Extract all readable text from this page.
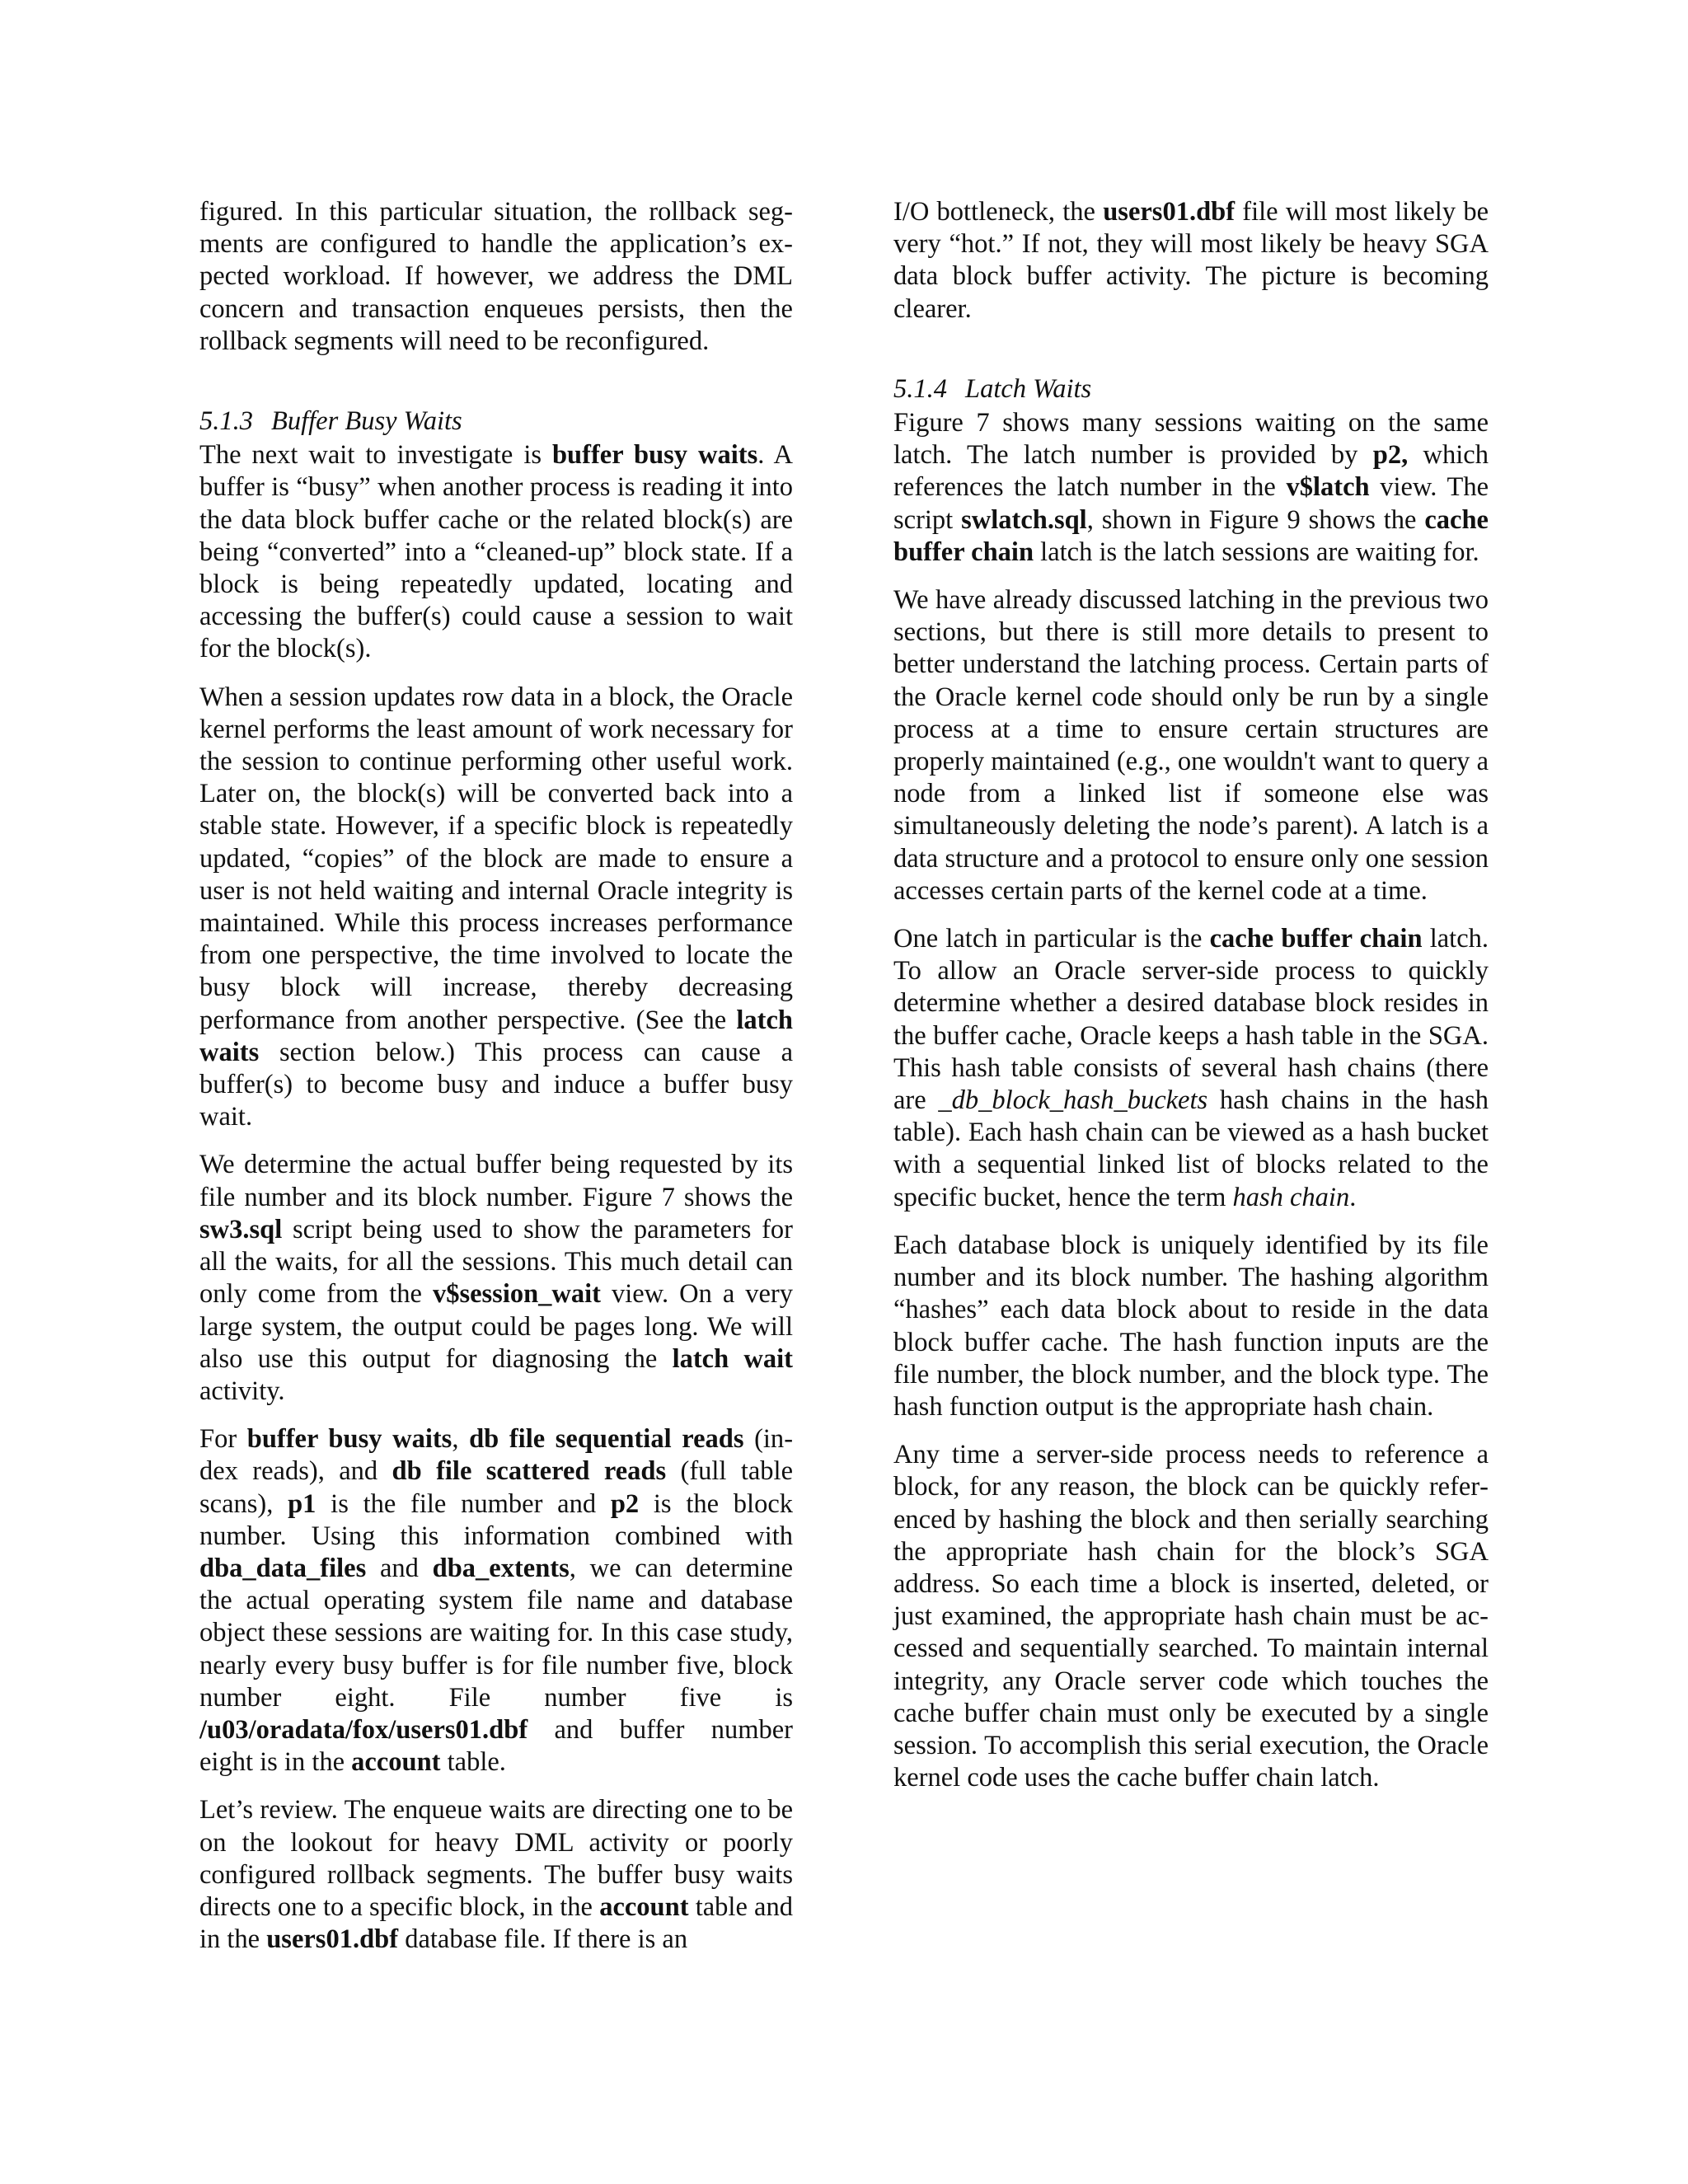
figured. In this particular situation, the rollback segments are configured to handle the application’s expected workload. If however, we address the DML concern and transaction enqueues persists, then the rollback segments will need to be reconfigured.

5.1.3 Buffer Busy Waits

The next wait to investigate is buffer busy waits. A buffer is “busy” when another process is reading it into the data block buffer cache or the related block(s) are being “converted” into a “cleaned-up” block state. If a block is being repeatedly updated, locating and accessing the buffer(s) could cause a session to wait for the block(s).

When a session updates row data in a block, the Oracle kernel performs the least amount of work necessary for the session to continue performing other useful work. Later on, the block(s) will be converted back into a stable state. However, if a specific block is repeatedly updated, “copies” of the block are made to ensure a user is not held waiting and internal Oracle integrity is maintained. While this process increases performance from one perspective, the time involved to locate the busy block will increase, thereby decreasing performance from another perspective. (See the latch waits section below.) This process can cause a buffer(s) to become busy and induce a buffer busy wait.

We determine the actual buffer being requested by its file number and its block number. Figure 7 shows the sw3.sql script being used to show the parameters for all the waits, for all the sessions. This much detail can only come from the v$session_wait view. On a very large system, the output could be pages long. We will also use this output for diagnosing the latch wait activity.

For buffer busy waits, db file sequential reads (index reads), and db file scattered reads (full table scans), p1 is the file number and p2 is the block number. Using this information combined with dba_data_files and dba_extents, we can determine the actual operating system file name and database object these sessions are waiting for. In this case study, nearly every busy buffer is for file number five, block number eight. File number five is /u03/oradata/fox/users01.dbf and buffer number eight is in the account table.

Let’s review. The enqueue waits are directing one to be on the lookout for heavy DML activity or poorly configured rollback segments. The buffer busy waits directs one to a specific block, in the account table and in the users01.dbf database file. If there is an

I/O bottleneck, the users01.dbf file will most likely be very “hot.” If not, they will most likely be heavy SGA data block buffer activity. The picture is becoming clearer.

5.1.4 Latch Waits

Figure 7 shows many sessions waiting on the same latch. The latch number is provided by p2, which references the latch number in the v$latch view. The script swlatch.sql, shown in Figure 9 shows the cache buffer chain latch is the latch sessions are waiting for.

We have already discussed latching in the previous two sections, but there is still more details to present to better understand the latching process. Certain parts of the Oracle kernel code should only be run by a single process at a time to ensure certain structures are properly maintained (e.g., one wouldn't want to query a node from a linked list if someone else was simultaneously deleting the node’s parent). A latch is a data structure and a protocol to ensure only one session accesses certain parts of the kernel code at a time.

One latch in particular is the cache buffer chain latch. To allow an Oracle server-side process to quickly determine whether a desired database block resides in the buffer cache, Oracle keeps a hash table in the SGA. This hash table consists of several hash chains (there are _db_block_hash_buckets hash chains in the hash table). Each hash chain can be viewed as a hash bucket with a sequential linked list of blocks related to the specific bucket, hence the term hash chain.

Each database block is uniquely identified by its file number and its block number. The hashing algorithm “hashes” each data block about to reside in the data block buffer cache. The hash function inputs are the file number, the block number, and the block type. The hash function output is the appropriate hash chain.

Any time a server-side process needs to reference a block, for any reason, the block can be quickly referenced by hashing the block and then serially searching the appropriate hash chain for the block’s SGA address. So each time a block is inserted, deleted, or just examined, the appropriate hash chain must be accessed and sequentially searched. To maintain internal integrity, any Oracle server code which touches the cache buffer chain must only be executed by a single session. To accomplish this serial execution, the Oracle kernel code uses the cache buffer chain latch.
